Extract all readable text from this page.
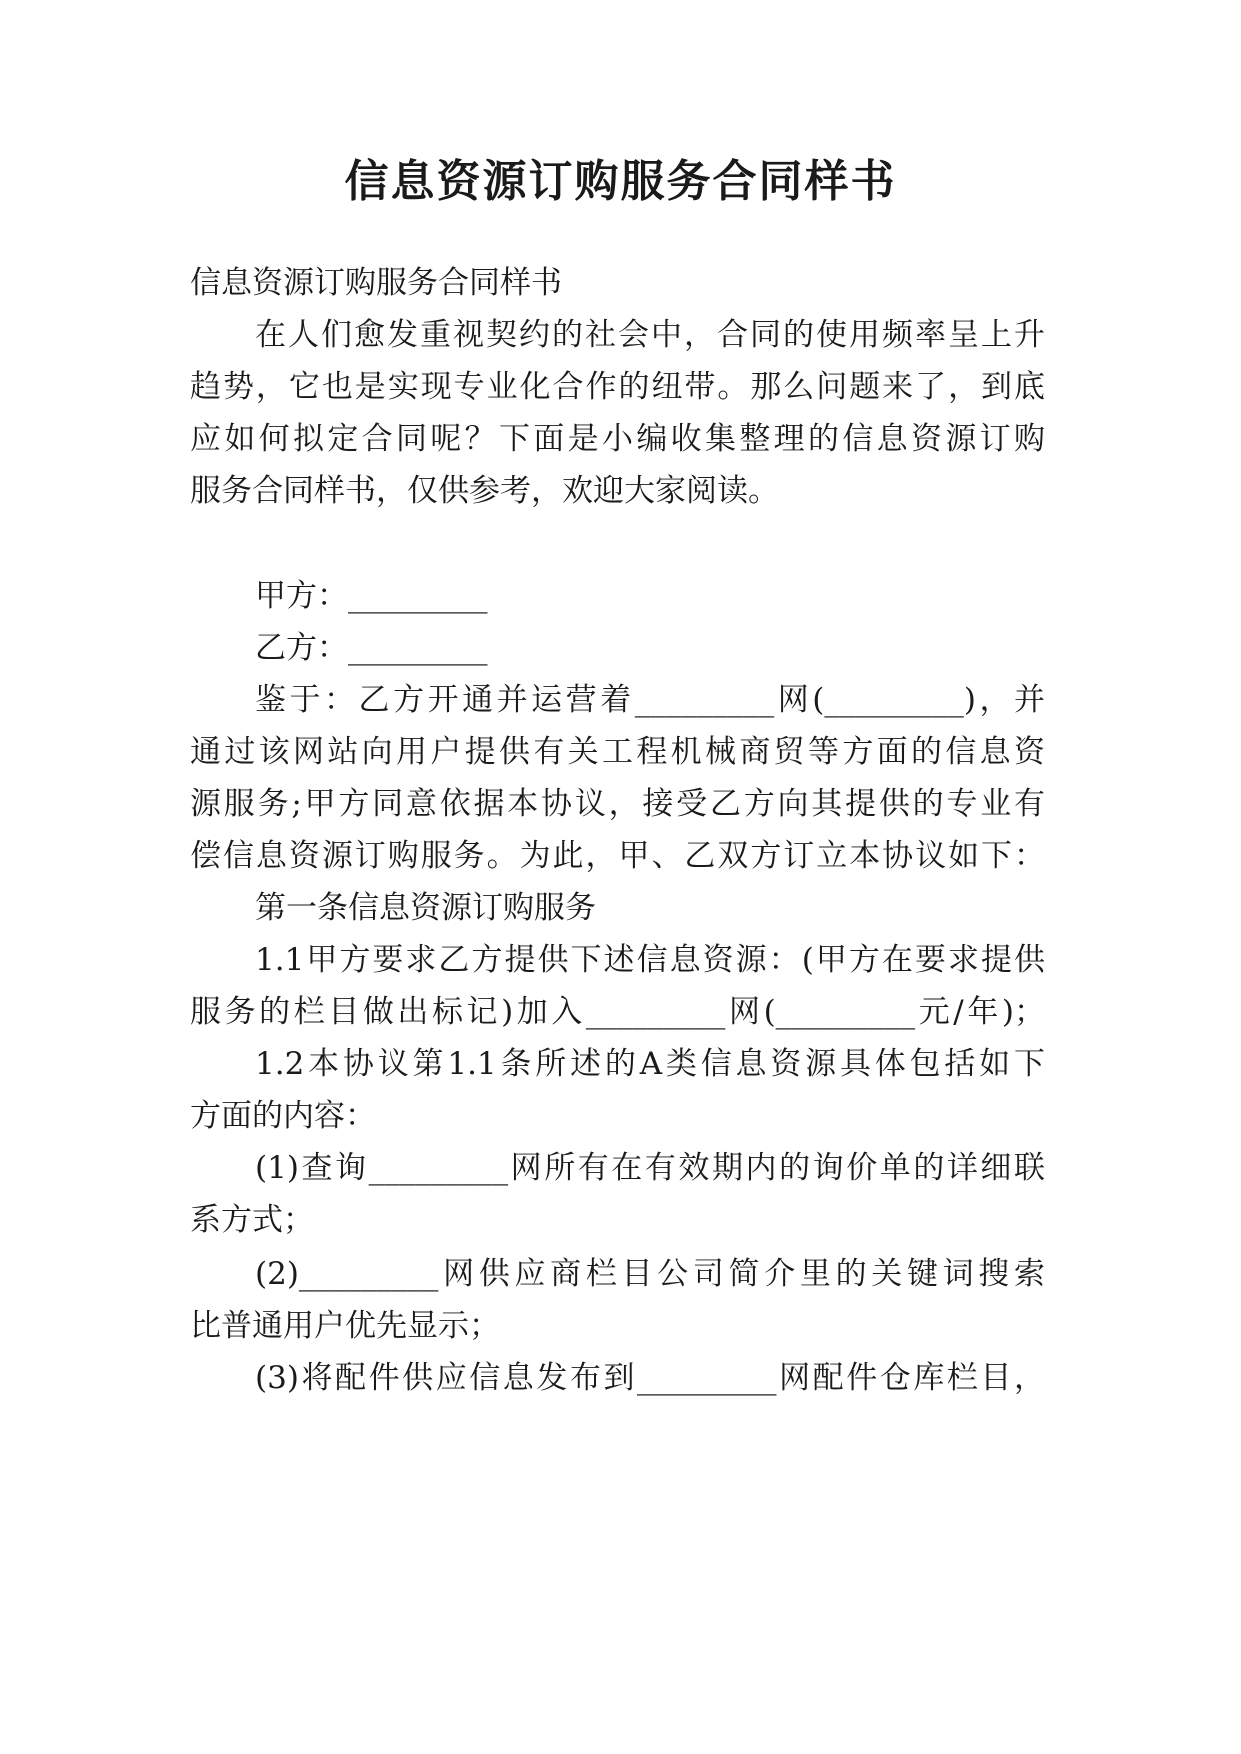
信息资源订购服务合同样书
信息资源订购服务合同样书
在人们愈发重视契约的社会中，合同的使用频率呈上升
趋势，它也是实现专业化合作的纽带。那么问题来了，到底
应如何拟定合同呢？下面是小编收集整理的信息资源订购
服务合同样书，仅供参考，欢迎大家阅读。
甲方：_________
乙方：_________
鉴于：乙方开通并运营着_________网(_________)，并
通过该网站向用户提供有关工程机械商贸等方面的信息资
源服务;甲方同意依据本协议，接受乙方向其提供的专业有
偿信息资源订购服务。为此，甲、乙双方订立本协议如下：
第一条信息资源订购服务
1.1甲方要求乙方提供下述信息资源：(甲方在要求提供
服务的栏目做出标记)加入_________网(_________元/年)；
1.2本协议第1.1条所述的A类信息资源具体包括如下
方面的内容：
(1)查询_________网所有在有效期内的询价单的详细联
系方式；
(2)_________网供应商栏目公司简介里的关键词搜索
比普通用户优先显示；
(3)将配件供应信息发布到_________网配件仓库栏目，
